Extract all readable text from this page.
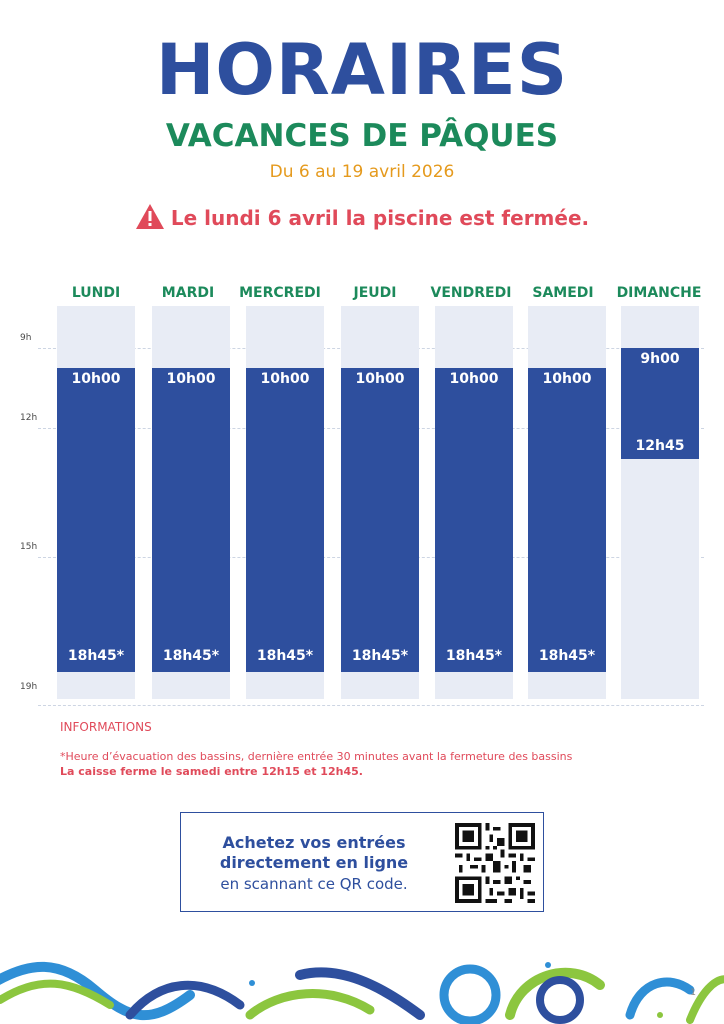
HORAIRES
VACANCES DE PÂQUES
Du 6 au 19 avril 2026
Le lundi 6 avril la piscine est fermée.
9h
12h
15h
19h
LUNDI
10h00
18h45*
MARDI
10h00
18h45*
MERCREDI
10h00
18h45*
JEUDI
10h00
18h45*
VENDREDI
10h00
18h45*
SAMEDI
10h00
18h45*
DIMANCHE
9h00
12h45
INFORMATIONS
*Heure d’évacuation des bassins, dernière entrée 30 minutes avant la fermeture des bassins
La caisse ferme le samedi entre 12h15 et 12h45.
Achetez vos entrées
directement en ligne
en scannant ce QR code.
1
